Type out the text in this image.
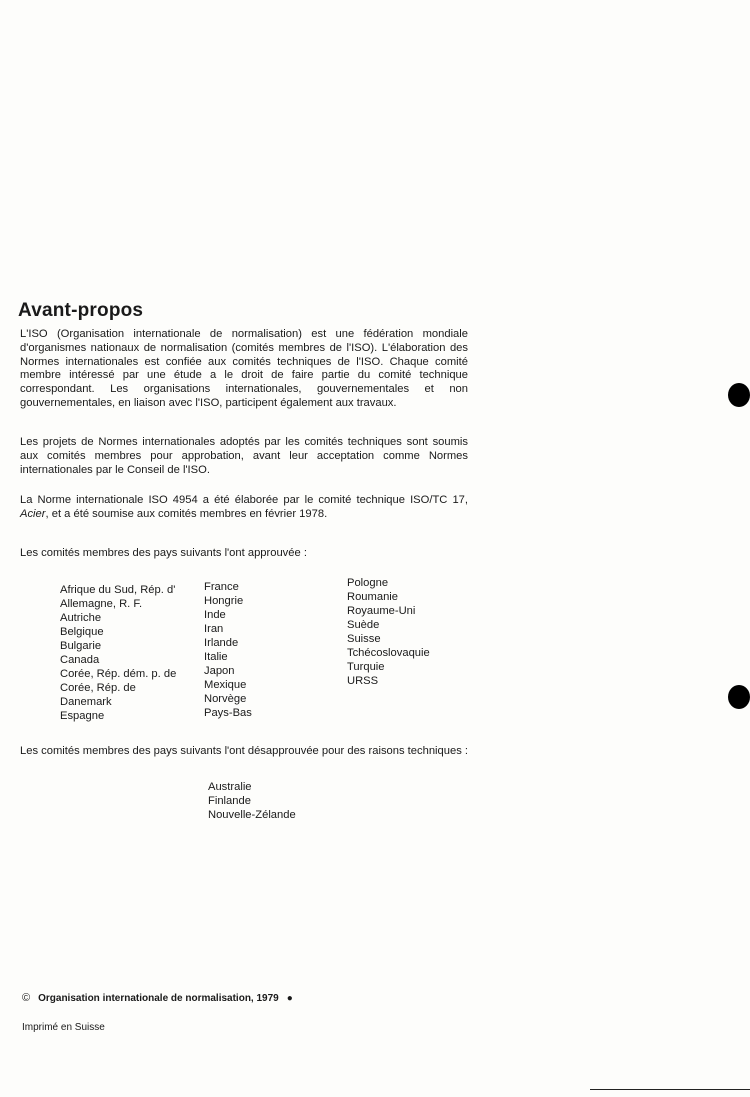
Avant-propos

L'ISO (Organisation internationale de normalisation) est une fédération mondiale d'organismes nationaux de normalisation (comités membres de l'ISO). L'élaboration des Normes internationales est confiée aux comités techniques de l'ISO. Chaque comité membre intéressé par une étude a le droit de faire partie du comité technique correspondant. Les organisations internationales, gouvernementales et non gouvernementales, en liaison avec l'ISO, participent également aux travaux.

Les projets de Normes internationales adoptés par les comités techniques sont soumis aux comités membres pour approbation, avant leur acceptation comme Normes internationales par le Conseil de l'ISO.

La Norme internationale ISO 4954 a été élaborée par le comité technique ISO/TC 17, Acier, et a été soumise aux comités membres en février 1978.

Les comités membres des pays suivants l'ont approuvée :

Afrique du Sud, Rép. d'
Allemagne, R. F.
Autriche
Belgique
Bulgarie
Canada
Corée, Rép. dém. p. de
Corée, Rép. de
Danemark
Espagne
France
Hongrie
Inde
Iran
Irlande
Italie
Japon
Mexique
Norvège
Pays-Bas
Pologne
Roumanie
Royaume-Uni
Suède
Suisse
Tchécoslovaquie
Turquie
URSS

Les comités membres des pays suivants l'ont désapprouvée pour des raisons techniques :

Australie
Finlande
Nouvelle-Zélande
© Organisation internationale de normalisation, 1979 ●
Imprimé en Suisse
